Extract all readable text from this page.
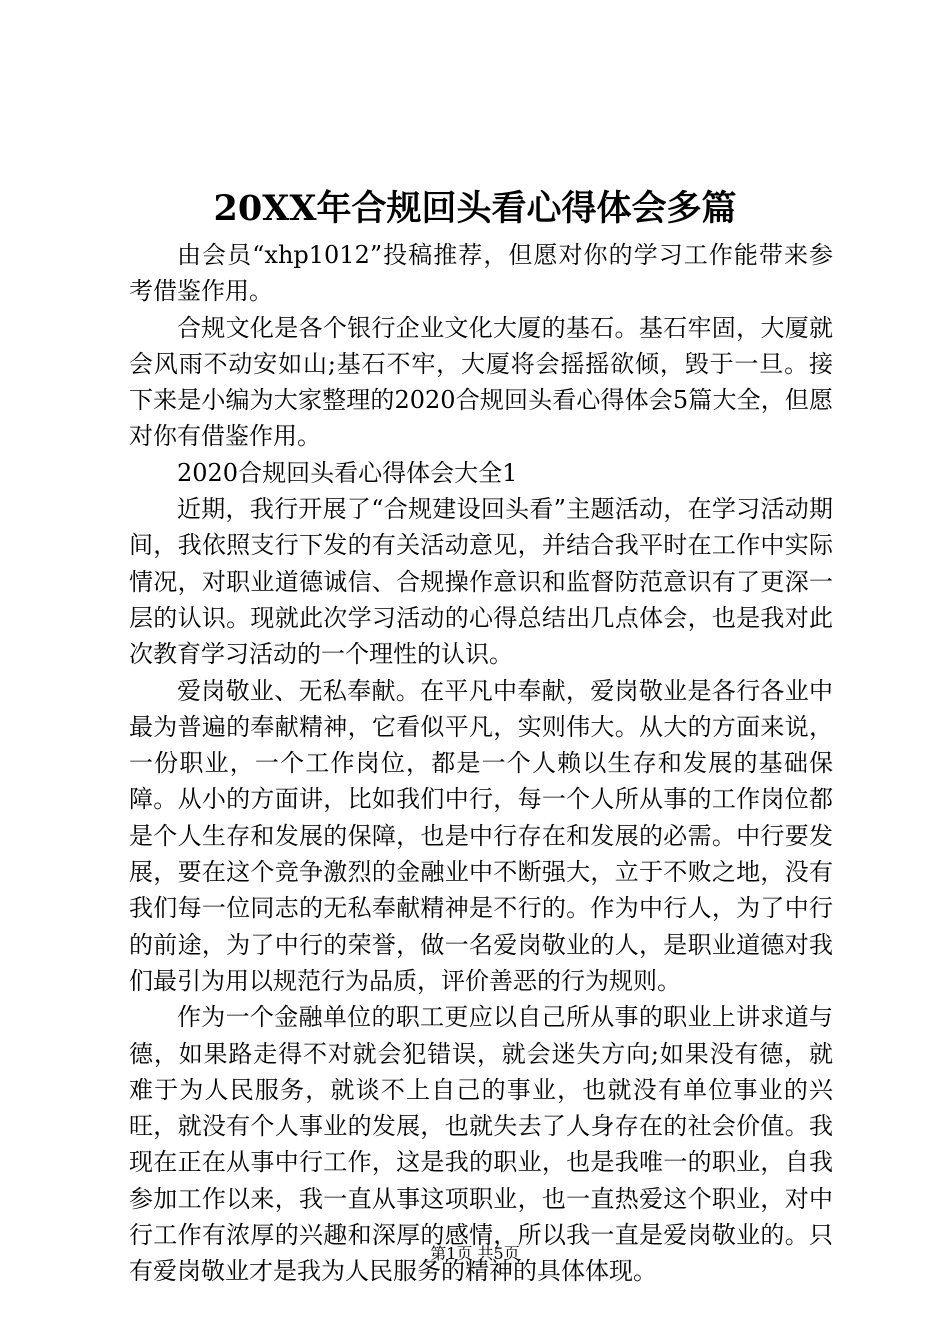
20XX年合规回头看心得体会多篇

由会员“xhp1012”投稿推荐，但愿对你的学习工作能带来参考借鉴作用。

合规文化是各个银行企业文化大厦的基石。基石牢固，大厦就会风雨不动安如山;基石不牢，大厦将会摇摇欲倾，毁于一旦。接下来是小编为大家整理的2020合规回头看心得体会5篇大全，但愿对你有借鉴作用。

2020合规回头看心得体会大全1

近期，我行开展了“合规建设回头看”主题活动，在学习活动期间，我依照支行下发的有关活动意见，并结合我平时在工作中实际情况，对职业道德诚信、合规操作意识和监督防范意识有了更深一层的认识。现就此次学习活动的心得总结出几点体会，也是我对此次教育学习活动的一个理性的认识。

爱岗敬业、无私奉献。在平凡中奉献，爱岗敬业是各行各业中最为普遍的奉献精神，它看似平凡，实则伟大。从大的方面来说，一份职业，一个工作岗位，都是一个人赖以生存和发展的基础保障。从小的方面讲，比如我们中行，每一个人所从事的工作岗位都是个人生存和发展的保障，也是中行存在和发展的必需。中行要发展，要在这个竞争激烈的金融业中不断强大，立于不败之地，没有我们每一位同志的无私奉献精神是不行的。作为中行人，为了中行的前途，为了中行的荣誉，做一名爱岗敬业的人，是职业道德对我们最引为用以规范行为品质，评价善恶的行为规则。

作为一个金融单位的职工更应以自己所从事的职业上讲求道与德，如果路走得不对就会犯错误，就会迷失方向;如果没有德，就难于为人民服务，就谈不上自己的事业，也就没有单位事业的兴旺，就没有个人事业的发展，也就失去了人身存在的社会价值。我现在正在从事中行工作，这是我的职业，也是我唯一的职业，自我参加工作以来，我一直从事这项职业，也一直热爱这个职业，对中行工作有浓厚的兴趣和深厚的感情，所以我一直是爱岗敬业的。只有爱岗敬业才是我为人民服务的精神的具体体现。

第1页 共5页
